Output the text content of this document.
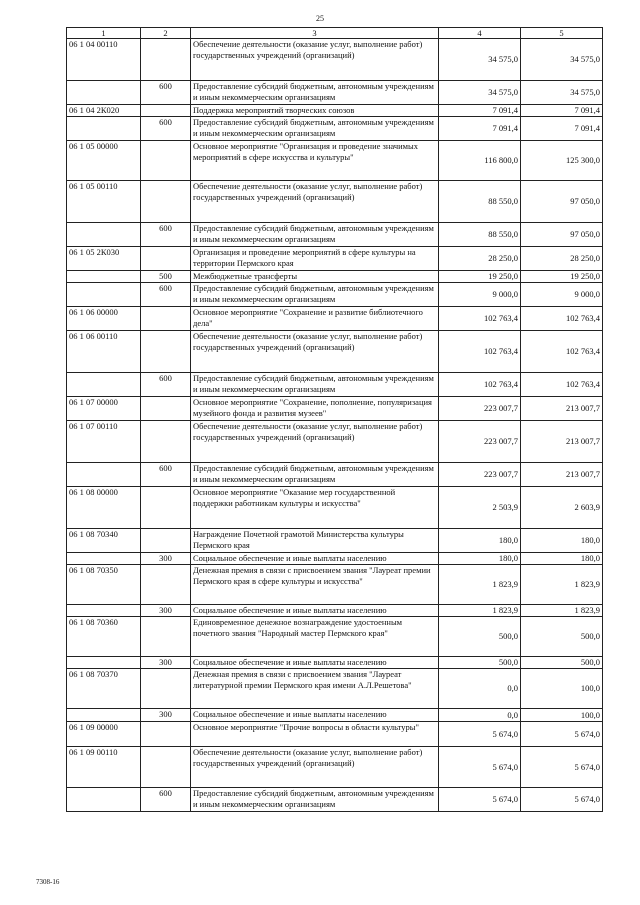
25
1	2	3	4	5
06 1 04 00110		Обеспечение деятельности (оказание услуг, выполнение работ) государственных учреждений (организаций)	34 575,0	34 575,0
	600	Предоставление субсидий бюджетным, автономным учреждениям и иным некоммерческим организациям	34 575,0	34 575,0
06 1 04 2К020		Поддержка мероприятий творческих союзов	7 091,4	7 091,4
	600	Предоставление субсидий бюджетным, автономным учреждениям и иным некоммерческим организациям	7 091,4	7 091,4
06 1 05 00000		Основное мероприятие "Организация и проведение значимых мероприятий в сфере искусства и культуры"	116 800,0	125 300,0
06 1 05 00110		Обеспечение деятельности (оказание услуг, выполнение работ) государственных учреждений (организаций)	88 550,0	97 050,0
	600	Предоставление субсидий бюджетным, автономным учреждениям и иным некоммерческим организациям	88 550,0	97 050,0
06 1 05 2К030		Организация и проведение мероприятий в сфере культуры на территории Пермского края	28 250,0	28 250,0
	500	Межбюджетные трансферты	19 250,0	19 250,0
	600	Предоставление субсидий бюджетным, автономным учреждениям и иным некоммерческим организациям	9 000,0	9 000,0
06 1 06 00000		Основное мероприятие "Сохранение и развитие библиотечного дела"	102 763,4	102 763,4
06 1 06 00110		Обеспечение деятельности (оказание услуг, выполнение работ) государственных учреждений (организаций)	102 763,4	102 763,4
	600	Предоставление субсидий бюджетным, автономным учреждениям и иным некоммерческим организациям	102 763,4	102 763,4
06 1 07 00000		Основное мероприятие "Сохранение, пополнение, популяризация музейного фонда и развития музеев"	223 007,7	213 007,7
06 1 07 00110		Обеспечение деятельности (оказание услуг, выполнение работ) государственных учреждений (организаций)	223 007,7	213 007,7
	600	Предоставление субсидий бюджетным, автономным учреждениям и иным некоммерческим организациям	223 007,7	213 007,7
06 1 08 00000		Основное мероприятие "Оказание мер государственной поддержки работникам культуры и искусства"	2 503,9	2 603,9
06 1 08 70340		Награждение Почетной грамотой Министерства культуры Пермского края	180,0	180,0
	300	Социальное обеспечение и иные выплаты населению	180,0	180,0
06 1 08 70350		Денежная премия в связи с присвоением звания "Лауреат премии Пермского края в сфере культуры и искусства"	1 823,9	1 823,9
	300	Социальное обеспечение и иные выплаты населению	1 823,9	1 823,9
06 1 08 70360		Единовременное денежное вознаграждение удостоенным почетного звания "Народный мастер Пермского края"	500,0	500,0
	300	Социальное обеспечение и иные выплаты населению	500,0	500,0
06 1 08 70370		Денежная премия в связи с присвоением звания "Лауреат литературной премии Пермского края имени А.Л.Решетова"	0,0	100,0
	300	Социальное обеспечение и иные выплаты населению	0,0	100,0
06 1 09 00000		Основное мероприятие "Прочие вопросы в области культуры"	5 674,0	5 674,0
06 1 09 00110		Обеспечение деятельности (оказание услуг, выполнение работ) государственных учреждений (организаций)	5 674,0	5 674,0
	600	Предоставление субсидий бюджетным, автономным учреждениям и иным некоммерческим организациям	5 674,0	5 674,0
7308-16
